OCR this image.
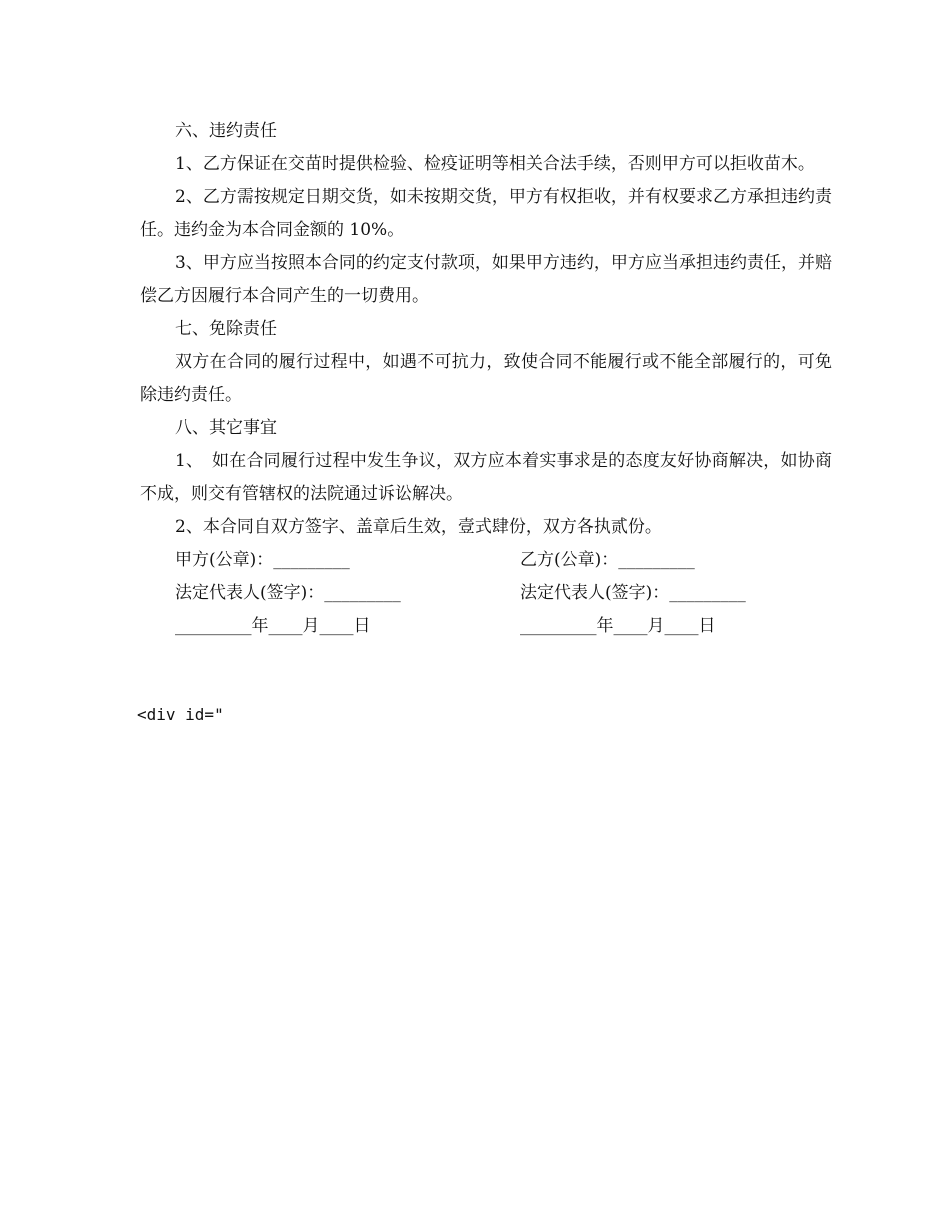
六、违约责任

1、乙方保证在交苗时提供检验、检疫证明等相关合法手续，否则甲方可以拒收苗木。

2、乙方需按规定日期交货，如未按期交货，甲方有权拒收，并有权要求乙方承担违约责任。违约金为本合同金额的 10%。

3、甲方应当按照本合同的约定支付款项，如果甲方违约，甲方应当承担违约责任，并赔偿乙方因履行本合同产生的一切费用。

七、免除责任

双方在合同的履行过程中，如遇不可抗力，致使合同不能履行或不能全部履行的，可免除违约责任。

八、其它事宜

1、　如在合同履行过程中发生争议，双方应本着实事求是的态度友好协商解决，如协商不成，则交有管辖权的法院通过诉讼解决。

2、本合同自双方签字、盖章后生效，壹式肆份，双方各执贰份。

甲方(公章)：_________	乙方(公章)：_________
法定代表人(签字)：_________	法定代表人(签字)：_________
_________年____月____日	_________年____月____日
<div id="
